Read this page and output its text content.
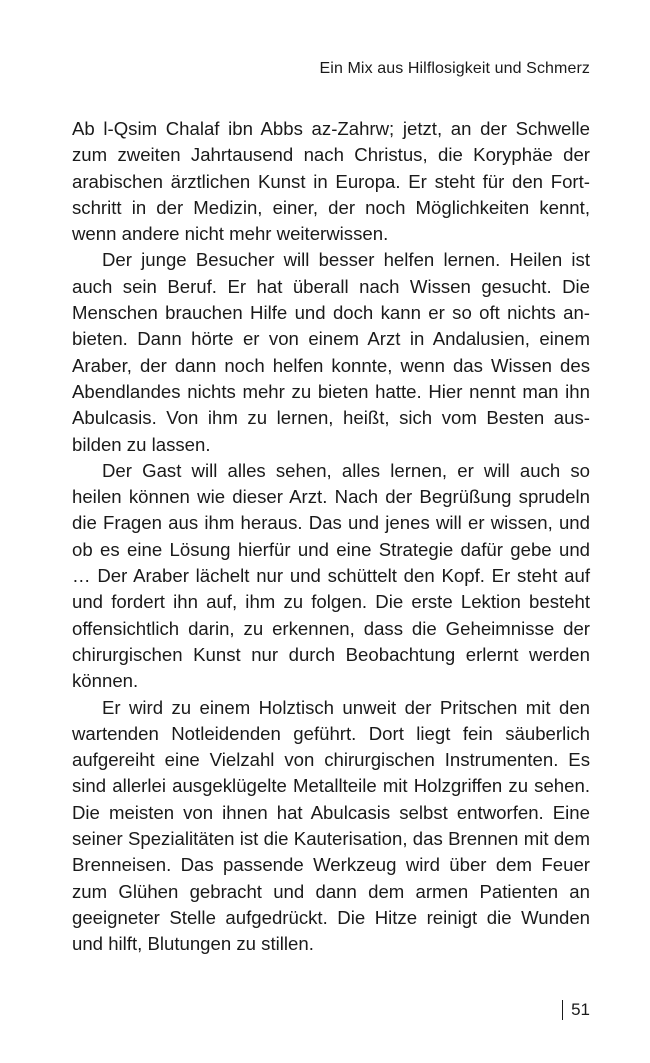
Ein Mix aus Hilflosigkeit und Schmerz

Ab l-Qsim Chalaf ibn Abbs az-Zahrw; jetzt, an der Schwelle zum zweiten Jahrtausend nach Christus, die Koryphäe der arabischen ärztlichen Kunst in Europa. Er steht für den Fortschritt in der Medizin, einer, der noch Möglichkeiten kennt, wenn andere nicht mehr weiterwissen.

Der junge Besucher will besser helfen lernen. Heilen ist auch sein Beruf. Er hat überall nach Wissen gesucht. Die Menschen brauchen Hilfe und doch kann er so oft nichts anbieten. Dann hörte er von einem Arzt in Andalusien, einem Araber, der dann noch helfen konnte, wenn das Wissen des Abendlandes nichts mehr zu bieten hatte. Hier nennt man ihn Abulcasis. Von ihm zu lernen, heißt, sich vom Besten ausbilden zu lassen.

Der Gast will alles sehen, alles lernen, er will auch so heilen können wie dieser Arzt. Nach der Begrüßung sprudeln die Fragen aus ihm heraus. Das und jenes will er wissen, und ob es eine Lösung hierfür und eine Strategie dafür gebe und … Der Araber lächelt nur und schüttelt den Kopf. Er steht auf und fordert ihn auf, ihm zu folgen. Die erste Lektion besteht offensichtlich darin, zu erkennen, dass die Geheimnisse der chirurgischen Kunst nur durch Beobachtung erlernt werden können.

Er wird zu einem Holztisch unweit der Pritschen mit den wartenden Notleidenden geführt. Dort liegt fein säuberlich aufgereiht eine Vielzahl von chirurgischen Instrumenten. Es sind allerlei ausgeklügelte Metallteile mit Holzgriffen zu sehen. Die meisten von ihnen hat Abulcasis selbst entworfen. Eine seiner Spezialitäten ist die Kauterisation, das Brennen mit dem Brenneisen. Das passende Werkzeug wird über dem Feuer zum Glühen gebracht und dann dem armen Patienten an geeigneter Stelle aufgedrückt. Die Hitze reinigt die Wunden und hilft, Blutungen zu stillen.

51
